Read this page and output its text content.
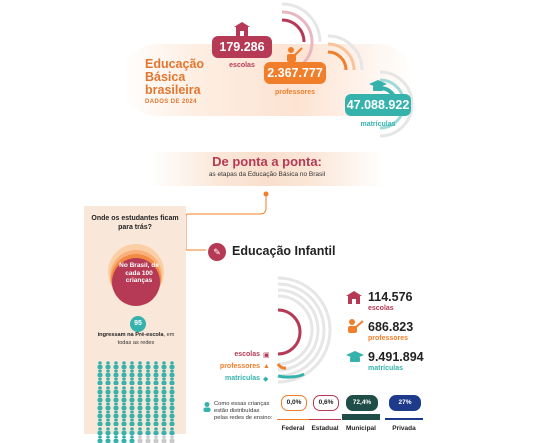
Educação Básica brasileira
DADOS DE 2024
179.286
escolas
2.367.777
professores
47.088.922
matrículas
De ponta a ponta:
as etapas da Educação Básica no Brasil
Onde os estudantes ficam para trás?
No Brasil, de cada 100 crianças
95
ingressam na Pré-escola, em todas as redes
✎ Educação Infantil
escolas
professores
matrículas
▣
▲
◆
114.576
escolas
686.823
professores
9.491.894
matrículas
Como essas crianças estão distribuídas pelas redes de ensino:
0,0%
Federal
0,6%
Estadual
72,4%
Municipal
27%
Privada
